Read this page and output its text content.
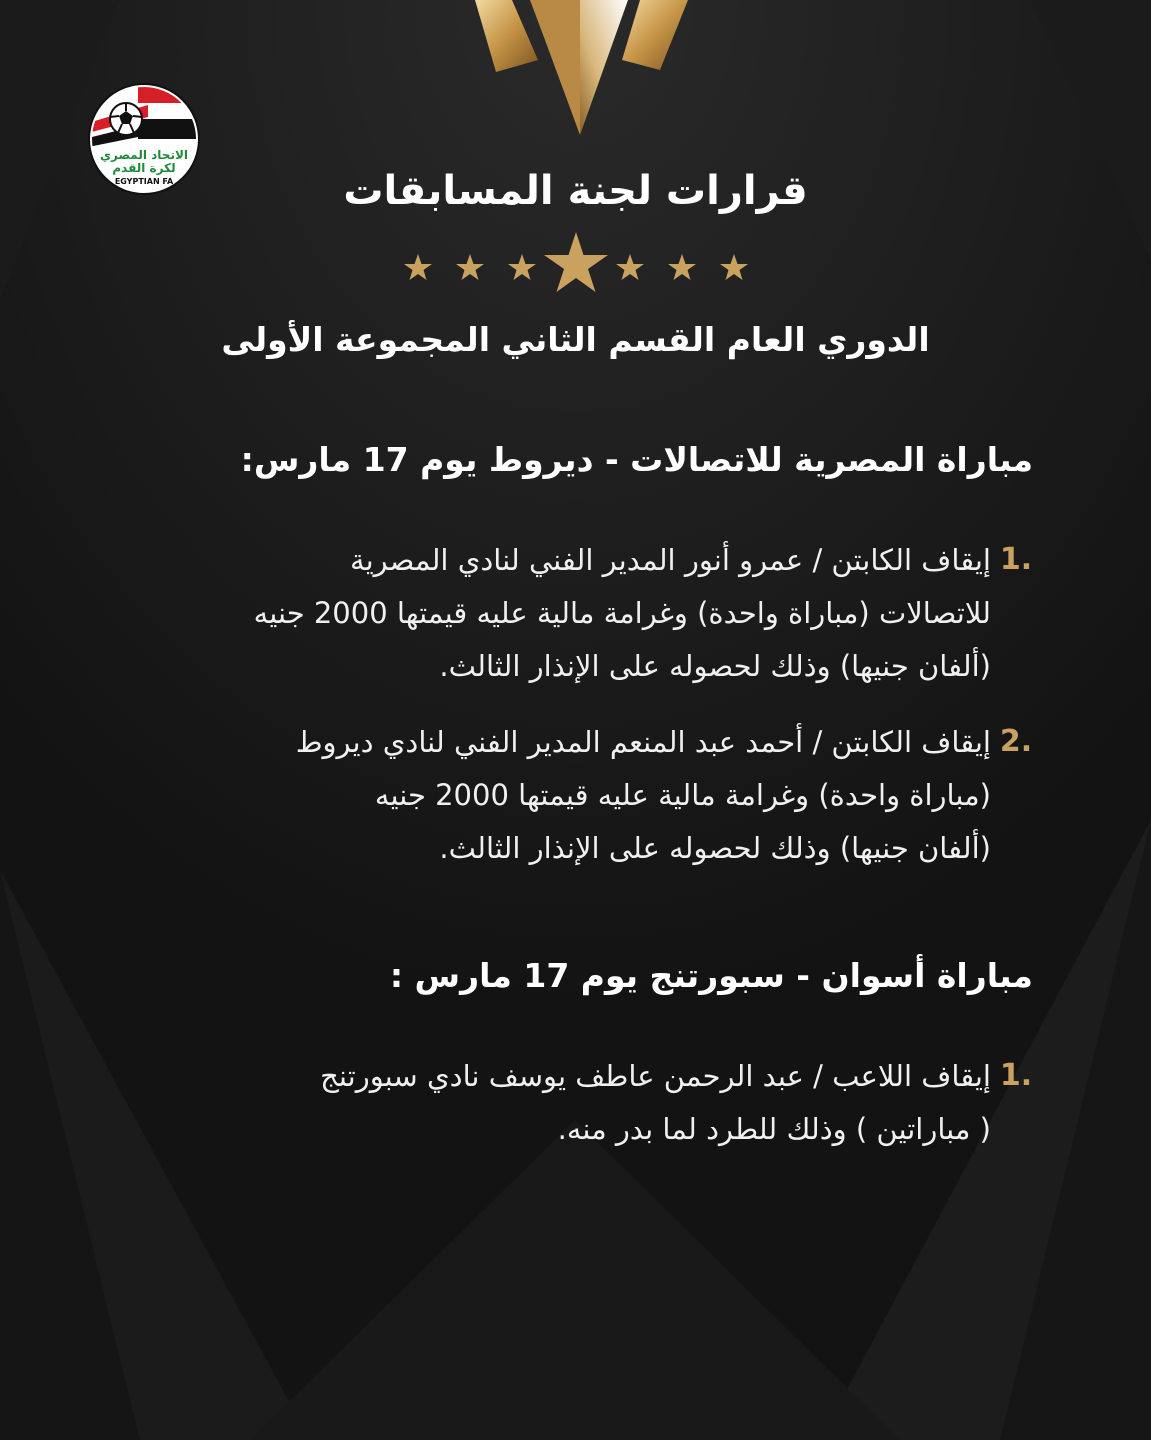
الاتحاد المصري
لكرة القدم
EGYPTIAN FA	قرارات لجنة المسابقات
الدوري العام القسم الثاني المجموعة الأولى
مباراة المصرية للاتصالات - ديروط يوم 17 مارس:
.1
إيقاف الكابتن / عمرو أنور المدير الفني لنادي المصرية
للاتصالات (مباراة واحدة) وغرامة مالية عليه قيمتها 2000 جنيه
(ألفان جنيها) وذلك لحصوله على الإنذار الثالث.
.2
إيقاف الكابتن / أحمد عبد المنعم المدير الفني لنادي ديروط
(مباراة واحدة) وغرامة مالية عليه قيمتها 2000 جنيه
(ألفان جنيها) وذلك لحصوله على الإنذار الثالث.
مباراة أسوان - سبورتنج يوم 17 مارس :
.1
إيقاف اللاعب / عبد الرحمن عاطف يوسف نادي سبورتنج
( مباراتين ) وذلك للطرد لما بدر منه.
